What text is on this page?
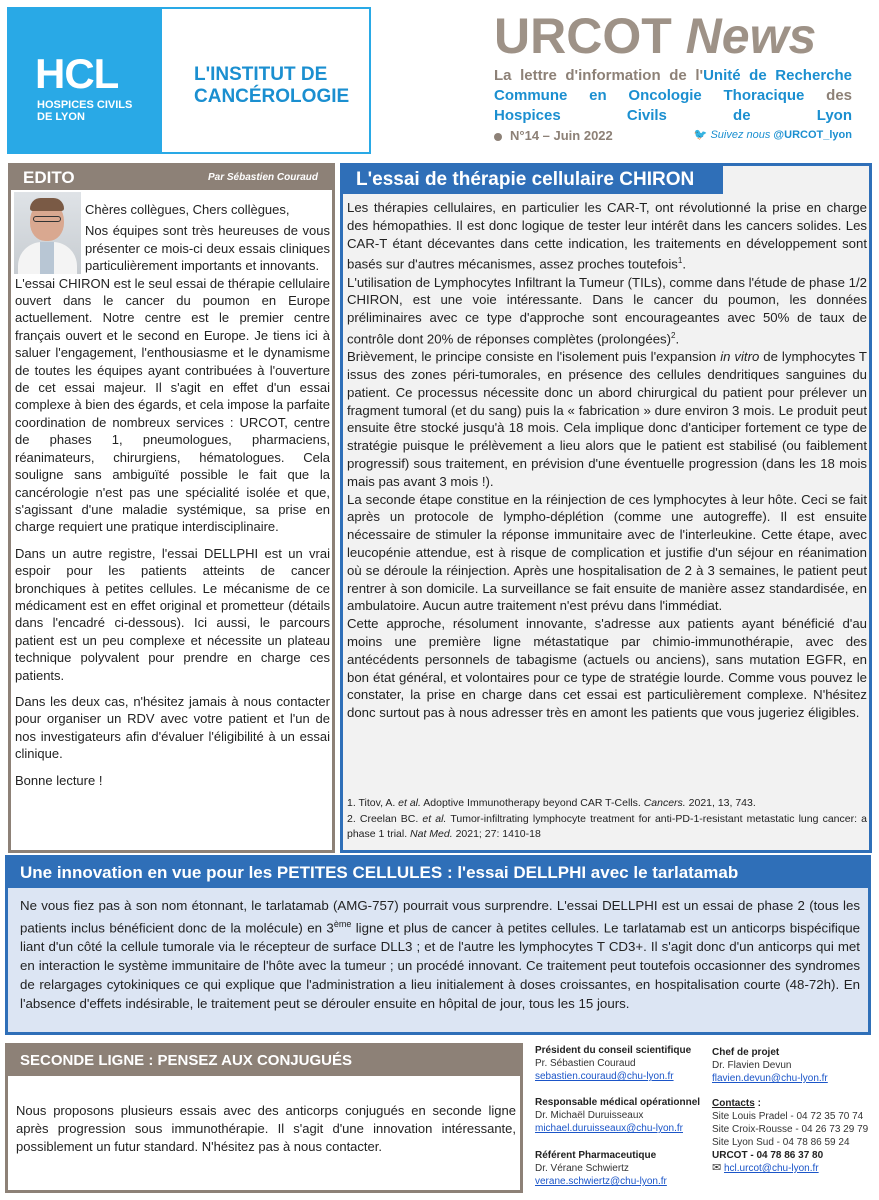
HCL
HOSPICES CIVILS
DE LYON
L'INSTITUT DE
CANCÉROLOGIE
URCOT News
La lettre d'information de l'Unité de Recherche Commune en Oncologie Thoracique des Hospices Civils de Lyon
N°14 – Juin 2022	🐦 Suivez nous @URCOT_lyon
EDITO	Par Sébastien Couraud

Chères collègues, Chers collègues,

Nos équipes sont très heureuses de vous présenter ce mois-ci deux essais cliniques particulièrement importants et innovants.

L'essai CHIRON est le seul essai de thérapie cellulaire ouvert dans le cancer du poumon en Europe actuellement. Notre centre est le premier centre français ouvert et le second en Europe. Je tiens ici à saluer l'engagement, l'enthousiasme et le dynamisme de toutes les équipes ayant contribuées à l'ouverture de cet essai majeur. Il s'agit en effet d'un essai complexe à bien des égards, et cela impose la parfaite coordination de nombreux services : URCOT, centre de phases 1, pneumologues, pharmaciens, réanimateurs, chirurgiens, hématologues. Cela souligne sans ambiguïté possible le fait que la cancérologie n'est pas une spécialité isolée et que, s'agissant d'une maladie systémique, sa prise en charge requiert une pratique interdisciplinaire.

Dans un autre registre, l'essai DELLPHI est un vrai espoir pour les patients atteints de cancer bronchiques à petites cellules. Le mécanisme de ce médicament est en effet original et prometteur (détails dans l'encadré ci-dessous). Ici aussi, le parcours patient est un peu complexe et nécessite un plateau technique polyvalent pour prendre en charge ces patients.

Dans les deux cas, n'hésitez jamais à nous contacter pour organiser un RDV avec votre patient et l'un de nos investigateurs afin d'évaluer l'éligibilité à un essai clinique.

Bonne lecture !

L'essai de thérapie cellulaire CHIRON

Les thérapies cellulaires, en particulier les CAR-T, ont révolutionné la prise en charge des hémopathies. Il est donc logique de tester leur intérêt dans les cancers solides. Les CAR-T étant décevantes dans cette indication, les traitements en développement sont basés sur d'autres mécanismes, assez proches toutefois$^1$.

L'utilisation de Lymphocytes Infiltrant la Tumeur (TILs), comme dans l'étude de phase 1/2 CHIRON, est une voie intéressante. Dans le cancer du poumon, les données préliminaires avec ce type d'approche sont encourageantes avec 50% de taux de contrôle dont 20% de réponses complètes (prolongées)$^2$.

Brièvement, le principe consiste en l'isolement puis l'expansion in vitro de lymphocytes T issus des zones péri-tumorales, en présence des cellules dendritiques sanguines du patient. Ce processus nécessite donc un abord chirurgical du patient pour prélever un fragment tumoral (et du sang) puis la « fabrication » dure environ 3 mois. Le produit peut ensuite être stocké jusqu'à 18 mois. Cela implique donc d'anticiper fortement ce type de stratégie puisque le prélèvement a lieu alors que le patient est stabilisé (ou faiblement progressif) sous traitement, en prévision d'une éventuelle progression (dans les 18 mois mais pas avant 3 mois !).

La seconde étape constitue en la réinjection de ces lymphocytes à leur hôte. Ceci se fait après un protocole de lympho-déplétion (comme une autogreffe). Il est ensuite nécessaire de stimuler la réponse immunitaire avec de l'interleukine. Cette étape, avec leucopénie attendue, est à risque de complication et justifie d'un séjour en réanimation où se déroule la réinjection. Après une hospitalisation de 2 à 3 semaines, le patient peut rentrer à son domicile. La surveillance se fait ensuite de manière assez standardisée, en ambulatoire. Aucun autre traitement n'est prévu dans l'immédiat.

Cette approche, résolument innovante, s'adresse aux patients ayant bénéficié d'au moins une première ligne métastatique par chimio-immunothérapie, avec des antécédents personnels de tabagisme (actuels ou anciens), sans mutation EGFR, en bon état général, et volontaires pour ce type de stratégie lourde. Comme vous pouvez le constater, la prise en charge dans cet essai est particulièrement complexe. N'hésitez donc surtout pas à nous adresser très en amont les patients que vous jugeriez éligibles.

1. Titov, A. et al. Adoptive Immunotherapy beyond CAR T-Cells. Cancers. 2021, 13, 743.

2. Creelan BC. et al. Tumor-infiltrating lymphocyte treatment for anti-PD-1-resistant metastatic lung cancer: a phase 1 trial. Nat Med. 2021; 27: 1410-18

Une innovation en vue pour les PETITES CELLULES : l'essai DELLPHI avec le tarlatamab
Ne vous fiez pas à son nom étonnant, le tarlatamab (AMG-757) pourrait vous surprendre. L'essai DELLPHI est un essai de phase 2 (tous les patients inclus bénéficient donc de la molécule) en 3ème ligne et plus de cancer à petites cellules. Le tarlatamab est un anticorps bispécifique liant d'un côté la cellule tumorale via le récepteur de surface DLL3 ; et de l'autre les lymphocytes T CD3+. Il s'agit donc d'un anticorps qui met en interaction le système immunitaire de l'hôte avec la tumeur ; un procédé innovant. Ce traitement peut toutefois occasionner des syndromes de relargages cytokiniques ce qui explique que l'administration a lieu initialement à doses croissantes, en hospitalisation courte (48-72h). En l'absence d'effets indésirable, le traitement peut se dérouler ensuite en hôpital de jour, tous les 15 jours.
SECONDE LIGNE : PENSEZ AUX CONJUGUÉS
Nous proposons plusieurs essais avec des anticorps conjugués en seconde ligne après progression sous immunothérapie. Il s'agit d'une innovation intéressante, possiblement un futur standard. N'hésitez pas à nous contacter.
Président du conseil scientifique
Pr. Sébastien Couraud
sebastien.couraud@chu-lyon.fr
Responsable médical opérationnel
Dr. Michaël Duruisseaux
michael.duruisseaux@chu-lyon.fr
Référent Pharmaceutique
Dr. Vérane Schwiertz
verane.schwiertz@chu-lyon.fr
Chef de projet
Dr. Flavien Devun
flavien.devun@chu-lyon.fr
Contacts :
Site Louis Pradel - 04 72 35 70 74
Site Croix-Rousse - 04 26 73 29 79
Site Lyon Sud - 04 78 86 59 24
URCOT - 04 78 86 37 80
✉ hcl.urcot@chu-lyon.fr
